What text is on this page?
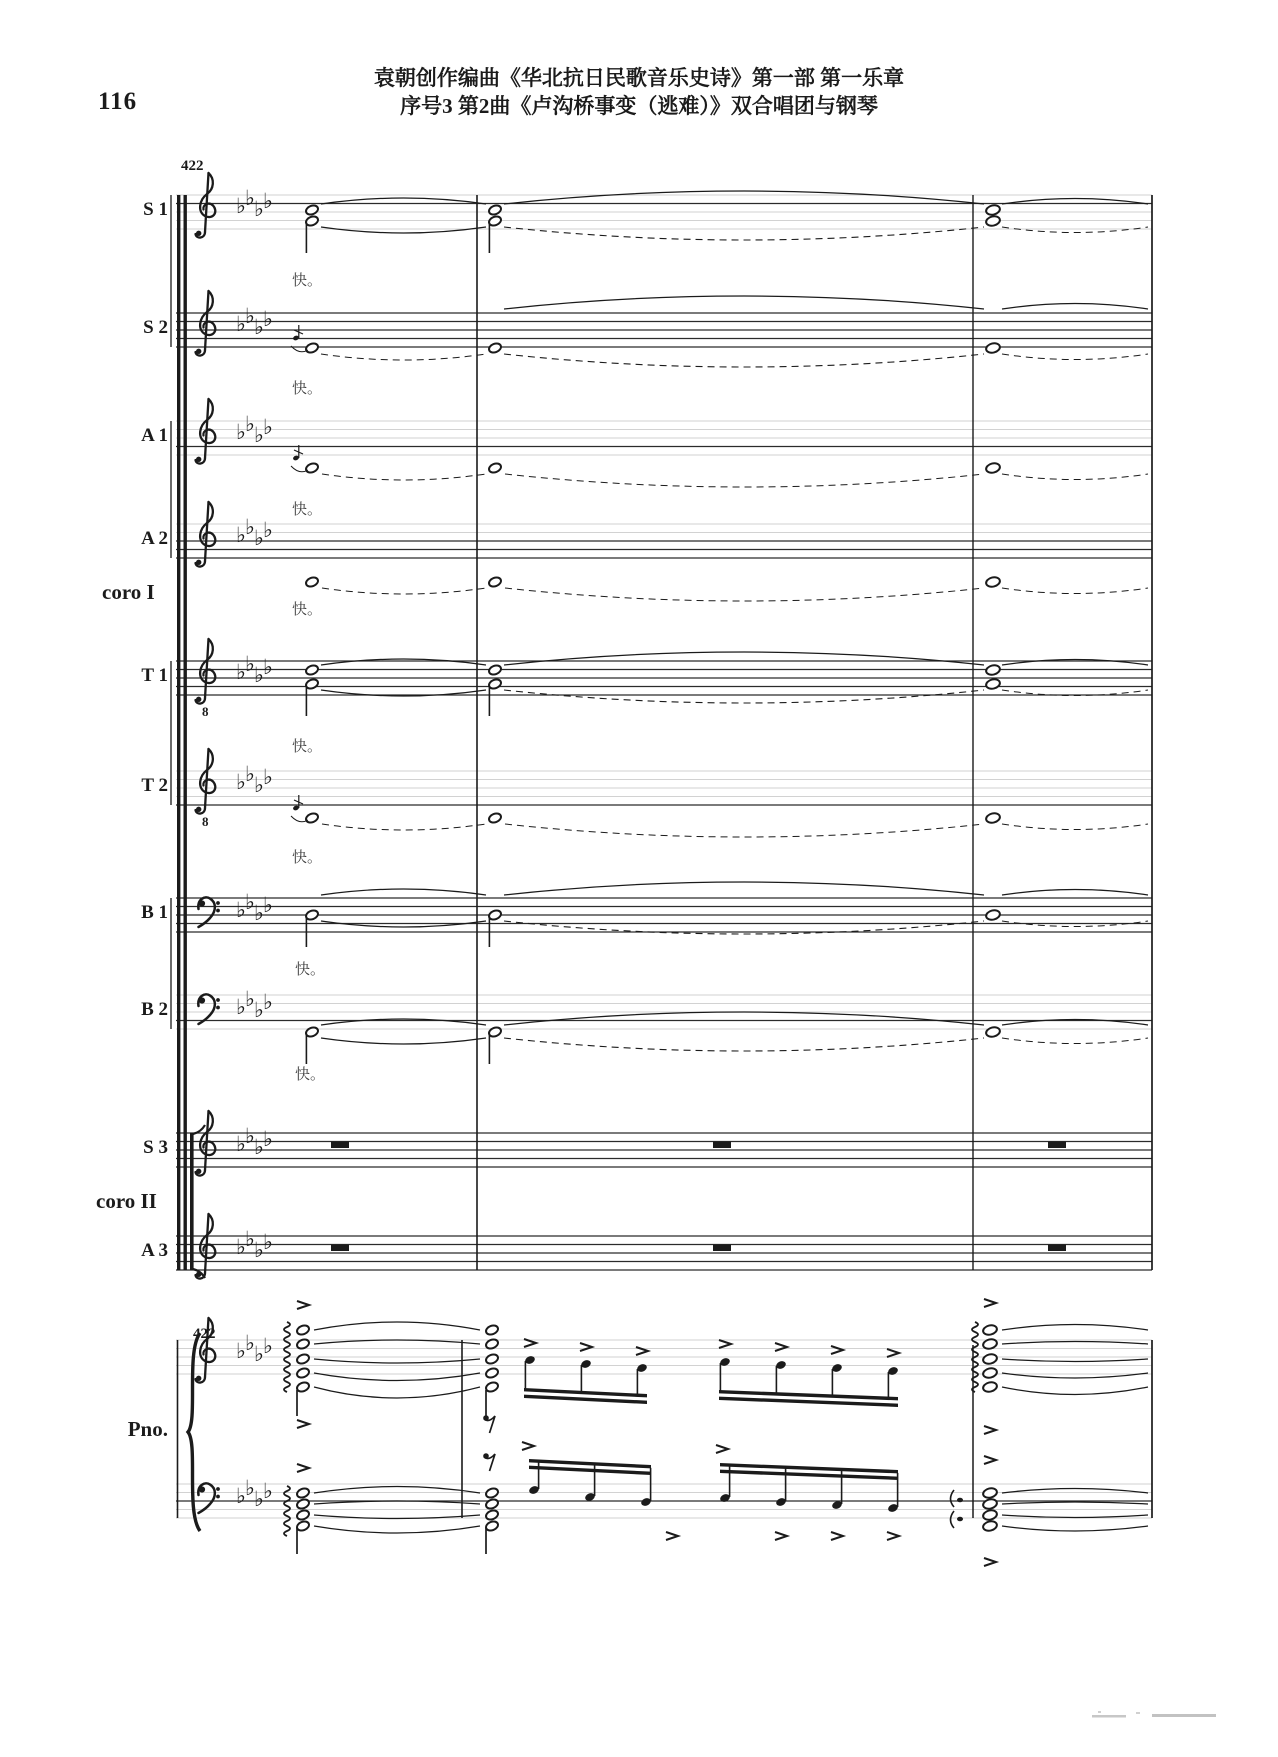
116
袁朝创作编曲《华北抗日民歌音乐史诗》第一部 第一乐章
序号3 第2曲《卢沟桥事变（逃难）》双合唱团与钢琴
♭ ♭ ♭ ♭
♭ ♭ ♭ ♭
♭ ♭ ♭ ♭
♭ ♭ ♭ ♭
8
♭ ♭ ♭ ♭
8
♭ ♭ ♭ ♭
♭ ♭ ♭ ♭
♭ ♭ ♭ ♭
♭ ♭ ♭ ♭
♭ ♭ ♭ ♭
♭ ♭ ♭ ♭
♭ ♭ ♭ ♭
S 1
S 2
A 1
A 2
T 1
T 2
B 1
B 2
S 3
A 3
coro I
coro II
Pno.
422
422
快。
快。
快。
快。
快。
快。
快。
快。
